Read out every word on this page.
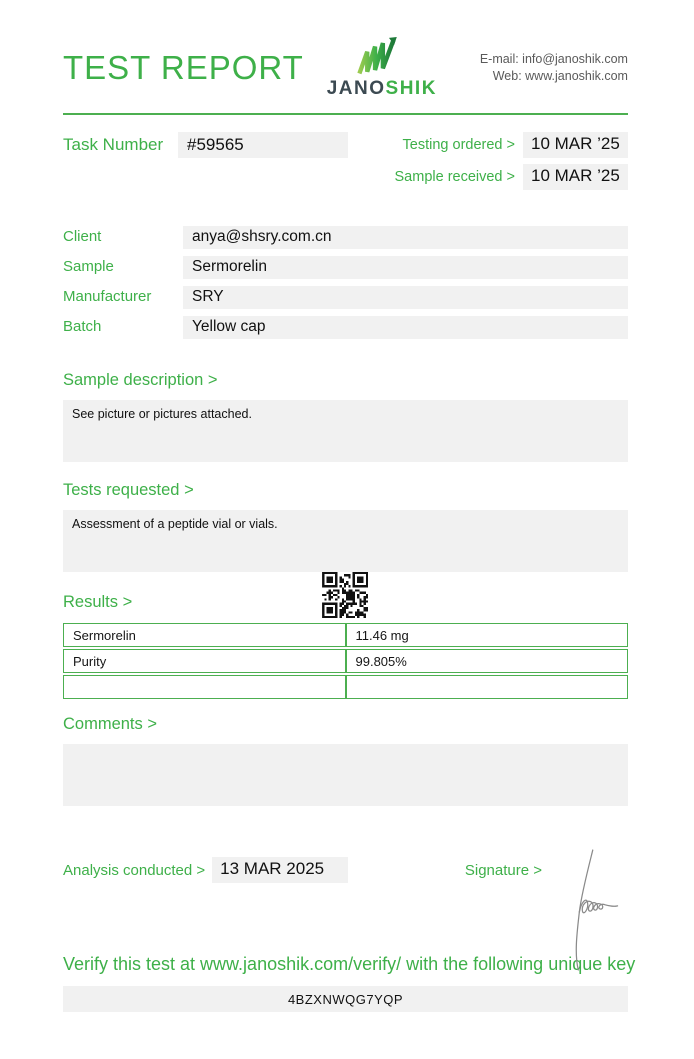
TEST REPORT
JANOSHIK
E-mail: info@janoshik.com
Web: www.janoshik.com
Task Number	#59565	Testing ordered > 10 MAR ’25
Sample received > 10 MAR ’25
Client	anya@shsry.com.cn
Sample	Sermorelin
Manufacturer	SRY
Batch	Yellow cap
Sample description >
See picture or pictures attached.
Tests requested >
Assessment of a peptide vial or vials.
Results >
Sermorelin	11.46 mg
Purity	99.805%

Comments >
Analysis conducted > 13 MAR 2025	Signature >
Verify this test at www.janoshik.com/verify/ with the following unique key
4BZXNWQG7YQP
